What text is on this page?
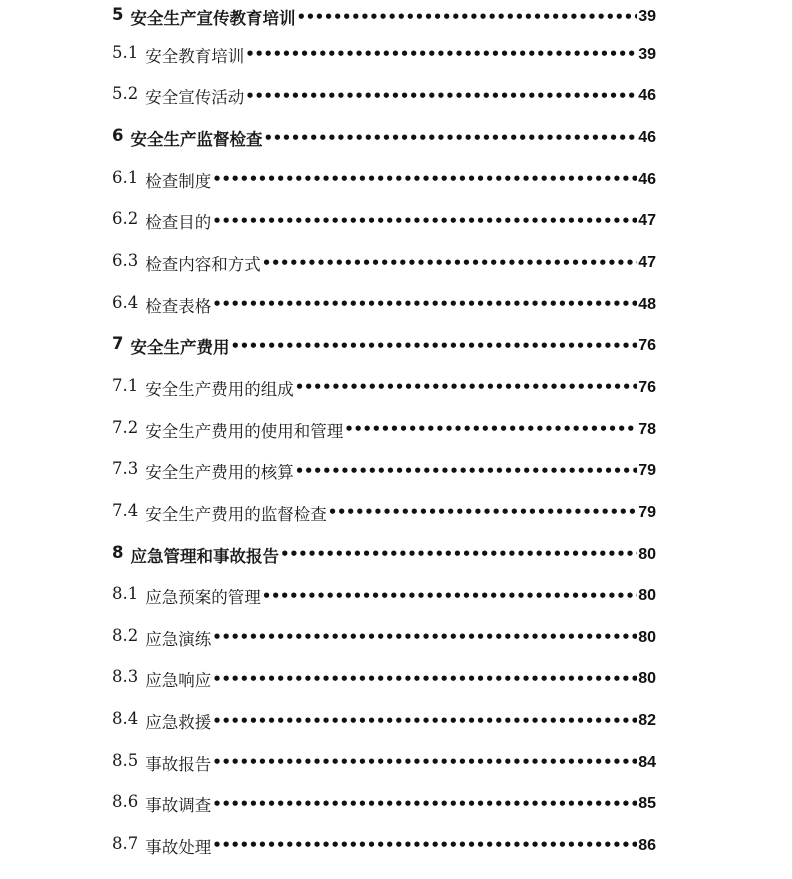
5 安全生产宣传教育培训 •••••	39
5.1 安全教育培训 •••••	39
5.2 安全宣传活动 •••••	46
6 安全生产监督检查 •••••	46
6.1 检查制度 •••••	46
6.2 检查目的 •••••	47
6.3 检查内容和方式 •••••	47
6.4 检查表格 •••••	48
7 安全生产费用 •••••	76
7.1 安全生产费用的组成 •••••	76
7.2 安全生产费用的使用和管理 •••••	78
7.3 安全生产费用的核算 •••••	79
7.4 安全生产费用的监督检查 •••••	79
8 应急管理和事故报告 •••••	80
8.1 应急预案的管理 •••••	80
8.2 应急演练 •••••	80
8.3 应急响应 •••••	80
8.4 应急救援 •••••	82
8.5 事故报告 •••••	84
8.6 事故调查 •••••	85
8.7 事故处理 •••••	86
